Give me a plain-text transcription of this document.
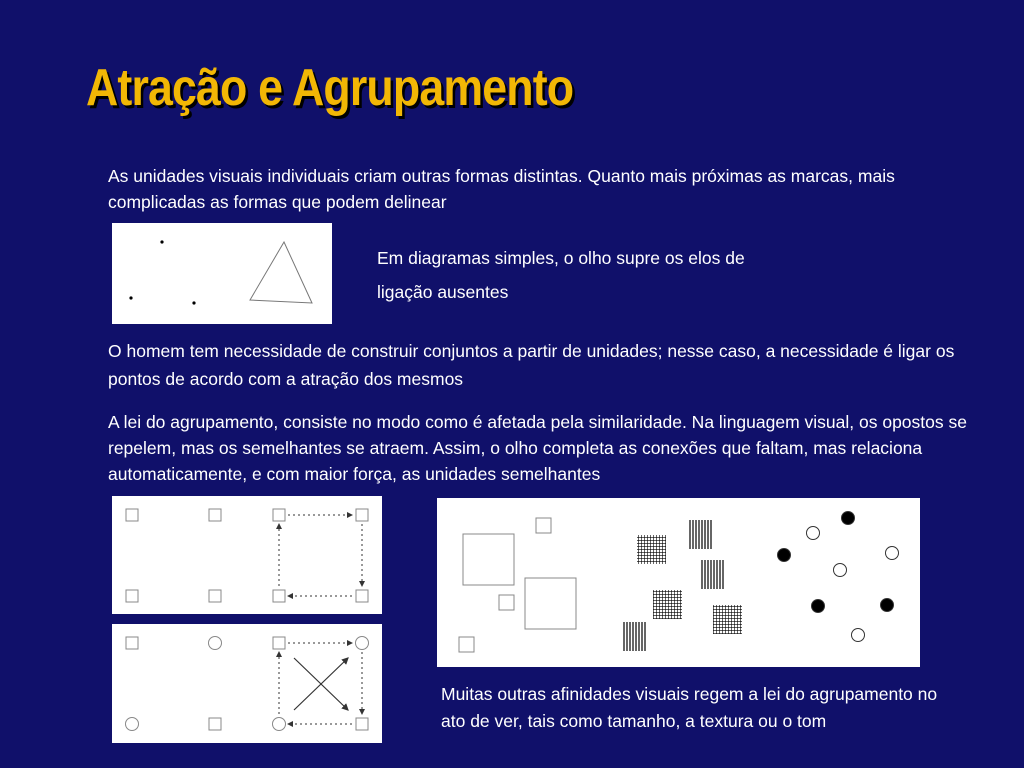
Atração e Agrupamento

As unidades visuais individuais criam outras formas distintas. Quanto mais próximas as marcas, mais complicadas as formas que podem delinear

Em diagramas simples, o olho supre os elos de

ligação ausentes

O homem tem necessidade de construir conjuntos a partir de unidades; nesse caso, a necessidade é ligar os pontos de acordo com a atração dos mesmos

A lei do agrupamento, consiste no modo como é afetada pela similaridade. Na linguagem visual, os opostos se repelem, mas os semelhantes se atraem. Assim, o olho completa as conexões que faltam, mas relaciona automaticamente, e com maior força, as unidades semelhantes

Muitas outras afinidades visuais regem a lei do agrupamento no ato de ver, tais como tamanho, a textura ou o tom
